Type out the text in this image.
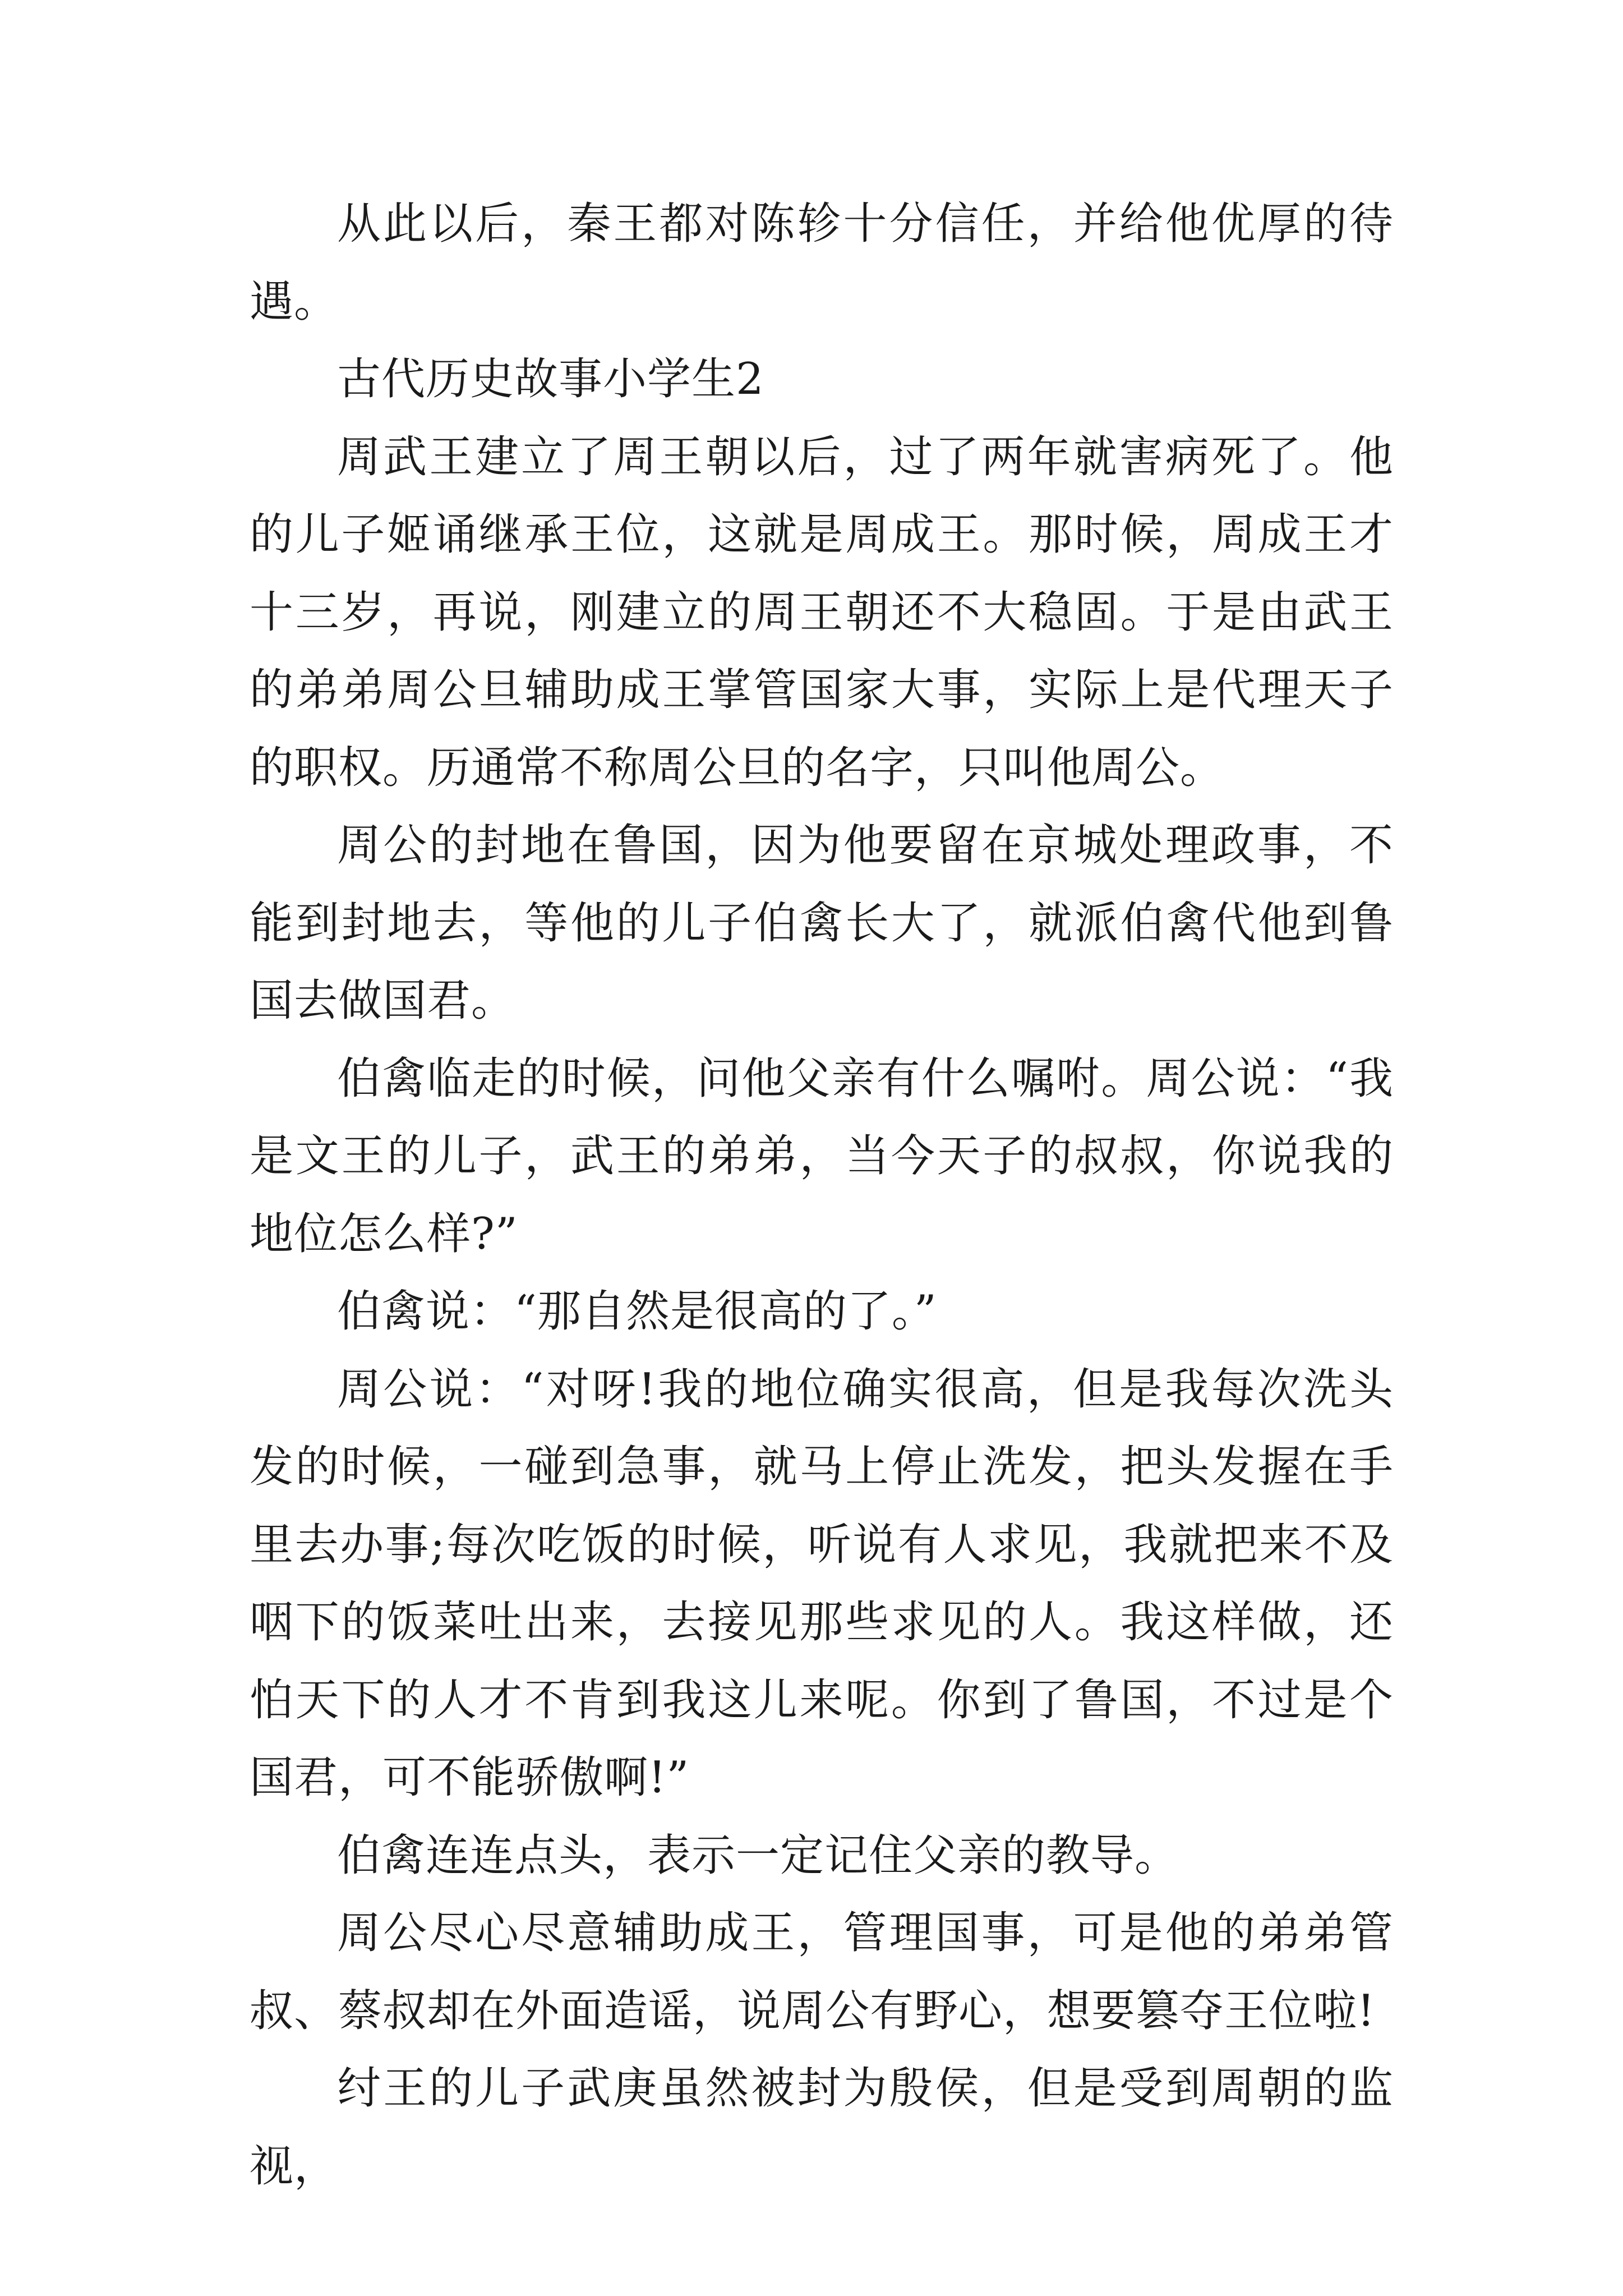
从此以后，秦王都对陈轸十分信任，并给他优厚的待遇。

古代历史故事小学生2

周武王建立了周王朝以后，过了两年就害病死了。他的儿子姬诵继承王位，这就是周成王。那时候，周成王才十三岁，再说，刚建立的周王朝还不大稳固。于是由武王的弟弟周公旦辅助成王掌管国家大事，实际上是代理天子的职权。历通常不称周公旦的名字，只叫他周公。

周公的封地在鲁国，因为他要留在京城处理政事，不能到封地去，等他的儿子伯禽长大了，就派伯禽代他到鲁国去做国君。

伯禽临走的时候，问他父亲有什么嘱咐。周公说：“我是文王的儿子，武王的弟弟，当今天子的叔叔，你说我的地位怎么样?”

伯禽说：“那自然是很高的了。”

周公说：“对呀!我的地位确实很高，但是我每次洗头发的时候，一碰到急事，就马上停止洗发，把头发握在手里去办事;每次吃饭的时候，听说有人求见，我就把来不及咽下的饭菜吐出来，去接见那些求见的人。我这样做，还怕天下的人才不肯到我这儿来呢。你到了鲁国，不过是个国君，可不能骄傲啊!”

伯禽连连点头，表示一定记住父亲的教导。

周公尽心尽意辅助成王，管理国事，可是他的弟弟管叔、蔡叔却在外面造谣，说周公有野心，想要篡夺王位啦!

纣王的儿子武庚虽然被封为殷侯，但是受到周朝的监视，
